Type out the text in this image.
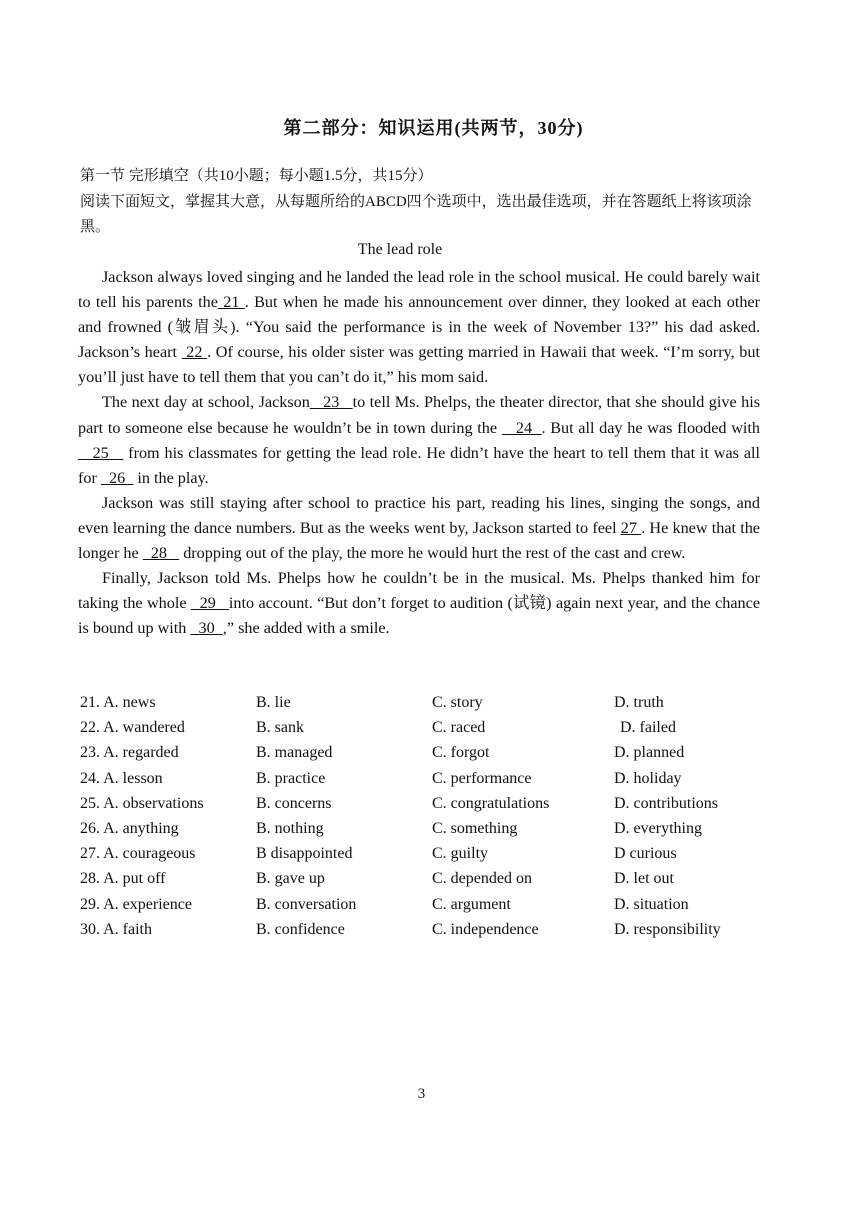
第二部分：知识运用(共两节，30分)
第一节 完形填空（共10小题；每小题1.5分，共15分）
阅读下面短文，掌握其大意，从每题所给的ABCD四个选项中，选出最佳选项，并在答题纸上将该项涂黑。
The lead role

Jackson always loved singing and he landed the lead role in the school musical. He could barely wait to tell his parents the 21 . But when he made his announcement over dinner, they looked at each other and frowned (皱眉头). “You said the performance is in the week of November 13?” his dad asked. Jackson’s heart  22 . Of course, his older sister was getting married in Hawaii that week. “I’m sorry, but you’ll just have to tell them that you can’t do it,” his mom said.

The next day at school, Jackson   23   to tell Ms. Phelps, the theater director, that she should give his part to someone else because he wouldn’t be in town during the    24  . But all day he was flooded with    25    from his classmates for getting the lead role. He didn’t have the heart to tell them that it was all for   26   in the play.

Jackson was still staying after school to practice his part, reading his lines, singing the songs, and even learning the dance numbers. But as the weeks went by, Jackson started to feel 27 . He knew that the longer he   28    dropping out of the play, the more he would hurt the rest of the cast and crew.

Finally, Jackson told Ms. Phelps how he couldn’t be in the musical. Ms. Phelps thanked him for taking the whole   29   into account. “But don’t forget to audition (试镜) again next year, and the chance is bound up with   30  ,” she added with a smile.

21. A. news	B. lie	C. story	D. truth
22. A. wandered	B. sank	C. raced	D. failed
23. A. regarded	B. managed	C. forgot	D. planned
24. A. lesson	B. practice	C. performance	D. holiday
25. A. observations	B. concerns	C. congratulations	D. contributions
26. A. anything	B. nothing	C. something	D. everything
27. A. courageous	B disappointed	C. guilty	D curious
28. A. put off	B. gave up	C. depended on	D. let out
29. A. experience	B. conversation	C. argument	D. situation
30. A. faith	B. confidence	C. independence	D. responsibility
3
